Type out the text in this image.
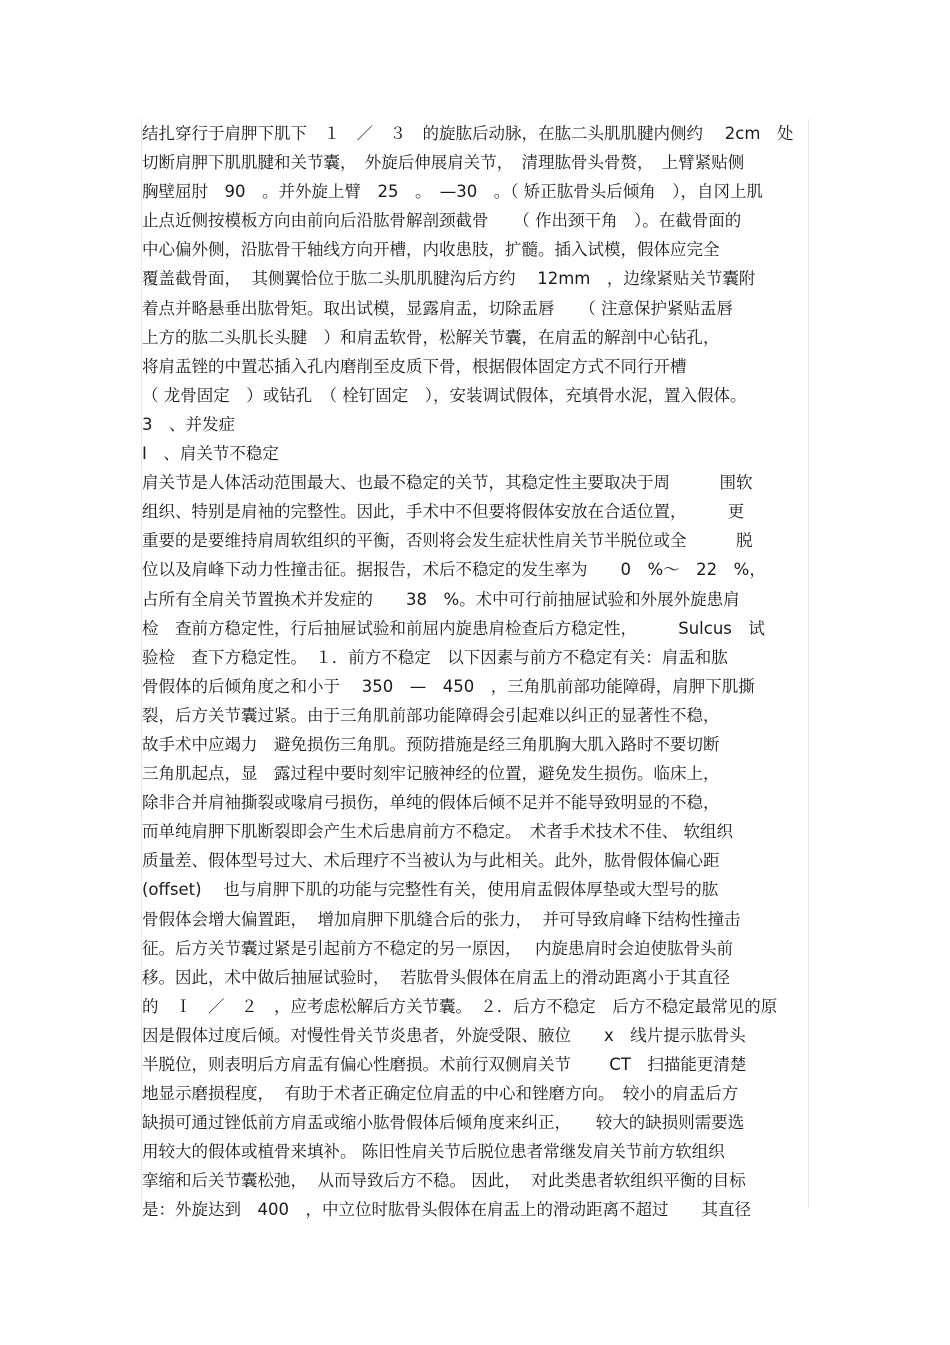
结扎穿行于肩胛下肌下　１　／　３　的旋肱后动脉，在肱二头肌肌腱内侧约　 2cm　处
切断肩胛下肌肌腱和关节囊，　外旋后伸展肩关节，　清理肱骨头骨赘，　上臂紧贴侧
胸壁屈肘　90　。并外旋上臂　25　。　—30　。（ 矫正肱骨头后倾角　），自冈上肌
止点近侧按模板方向由前向后沿肱骨解剖颈截骨　　（ 作出颈干角　）。在截骨面的
中心偏外侧，沿肱骨干轴线方向开槽，内收患肢，扩髓。插入试模，假体应完全
覆盖截骨面，  其侧翼恰位于肱二头肌肌腱沟后方约　 12mm　，边缘紧贴关节囊附
着点并略悬垂出肱骨矩。取出试模，显露肩盂，切除盂唇　　（ 注意保护紧贴盂唇
上方的肱二头肌长头腱　）和肩盂软骨，松解关节囊，在肩盂的解剖中心钻孔，
将肩盂锉的中置芯插入孔内磨削至皮质下骨，根据假体固定方式不同行开槽
（ 龙骨固定　）或钻孔　（ 栓钉固定　），安装调试假体，充填骨水泥，置入假体。
3　、并发症
Ⅰ　、肩关节不稳定
肩关节是人体活动范围最大、也最不稳定的关节，其稳定性主要取决于周　　　围软
组织、特别是肩袖的完整性。因此，手术中不但要将假体安放在合适位置，　　　更
重要的是要维持肩周软组织的平衡，否则将会发生症状性肩关节半脱位或全　　　脱
位以及肩峰下动力性撞击征。据报告，术后不稳定的发生率为　　0　%～　22　%，
占所有全肩关节置换术并发症的　　38　%。术中可行前抽屉试验和外展外旋患肩
检　查前方稳定性，行后抽屉试验和前屈内旋患肩检查后方稳定性，　　　Sulcus　试
验检　查下方稳定性。　１．前方不稳定　以下因素与前方不稳定有关：肩盂和肱
骨假体的后倾角度之和小于　 350　—　450　，三角肌前部功能障碍，肩胛下肌撕
裂，后方关节囊过紧。由于三角肌前部功能障碍会引起难以纠正的显著性不稳，
故手术中应竭力　避免损伤三角肌。预防措施是经三角肌胸大肌入路时不要切断
三角肌起点，显　露过程中要时刻牢记腋神经的位置，避免发生损伤。临床上，
除非合并肩袖撕裂或喙肩弓损伤，单纯的假体后倾不足并不能导致明显的不稳，
而单纯肩胛下肌断裂即会产生术后患肩前方不稳定。　术者手术技术不佳、 软组织
质量差、假体型号过大、术后理疗不当被认为与此相关。此外，肱骨假体偏心距
(offset)　 也与肩胛下肌的功能与完整性有关，使用肩盂假体厚垫或大型号的肱
骨假体会增大偏置距，  增加肩胛下肌缝合后的张力，  并可导致肩峰下结构性撞击
征。后方关节囊过紧是引起前方不稳定的另一原因，　 内旋患肩时会迫使肱骨头前
移。因此，术中做后抽屉试验时，  若肱骨头假体在肩盂上的滑动距离小于其直径
的　Ｉ　／　２　，应考虑松解后方关节囊。　２．后方不稳定　后方不稳定最常见的原
因是假体过度后倾。对慢性骨关节炎患者，外旋受限、腋位　　x　线片提示肱骨头
半脱位，则表明后方肩盂有偏心性磨损。术前行双侧肩关节　　 CT　扫描能更清楚
地显示磨损程度，  有助于术者正确定位肩盂的中心和锉磨方向。　较小的肩盂后方
缺损可通过锉低前方肩盂或缩小肱骨假体后倾角度来纠正，　　较大的缺损则需要选
用较大的假体或植骨来填补。 陈旧性肩关节后脱位患者常继发肩关节前方软组织
挛缩和后关节囊松弛，  从而导致后方不稳。 因此，  对此类患者软组织平衡的目标
是：外旋达到　400　，中立位时肱骨头假体在肩盂上的滑动距离不超过　　其直径
